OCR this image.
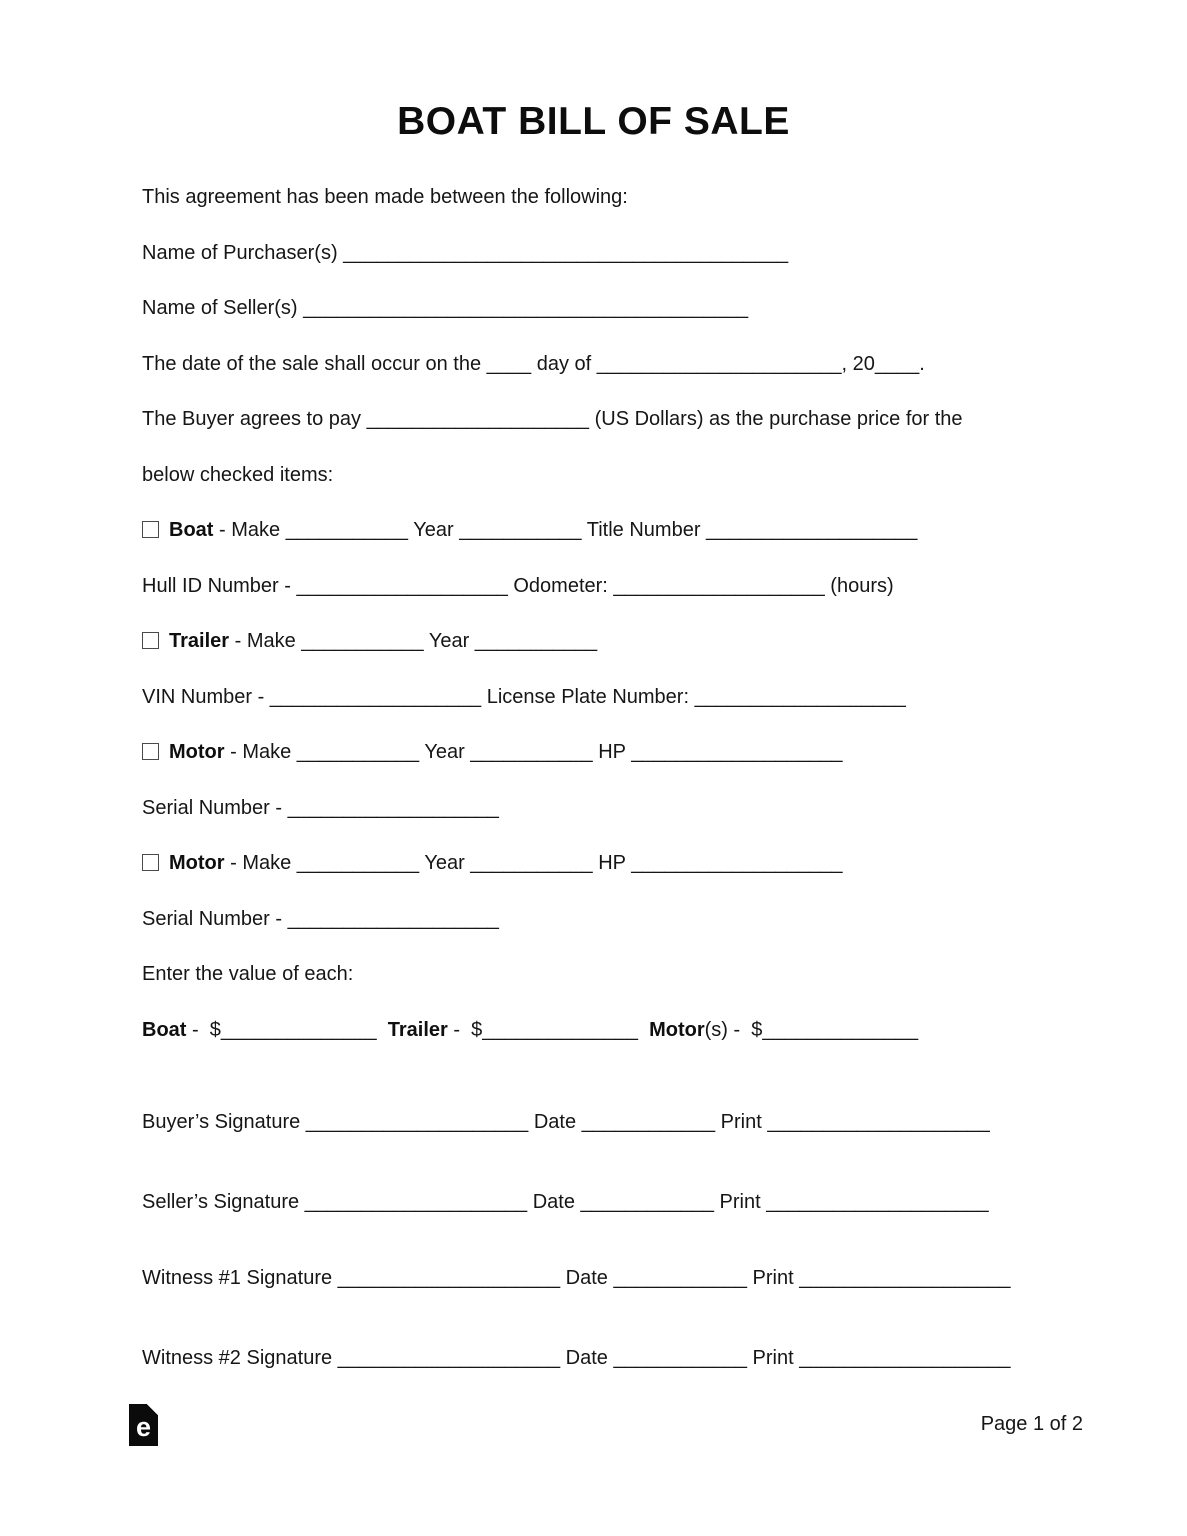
BOAT BILL OF SALE
This agreement has been made between the following:
Name of Purchaser(s) ________________________________________
Name of Seller(s) ________________________________________
The date of the sale shall occur on the ____ day of ______________________, 20____.
The Buyer agrees to pay ____________________ (US Dollars) as the purchase price for the
below checked items:
Boat - Make ___________ Year ___________ Title Number ___________________
Hull ID Number - ___________________ Odometer: ___________________ (hours)
Trailer - Make ___________ Year ___________
VIN Number - ___________________ License Plate Number: ___________________
Motor - Make ___________ Year ___________ HP ___________________
Serial Number - ___________________
Motor - Make ___________ Year ___________ HP ___________________
Serial Number - ___________________
Enter the value of each:
Boat -  $______________  Trailer -  $______________  Motor(s) -  $______________
Buyer’s Signature ____________________ Date ____________ Print ____________________
Seller’s Signature ____________________ Date ____________ Print ____________________
Witness #1 Signature ____________________ Date ____________ Print ___________________
Witness #2 Signature ____________________ Date ____________ Print ___________________
e	Page 1 of 2
